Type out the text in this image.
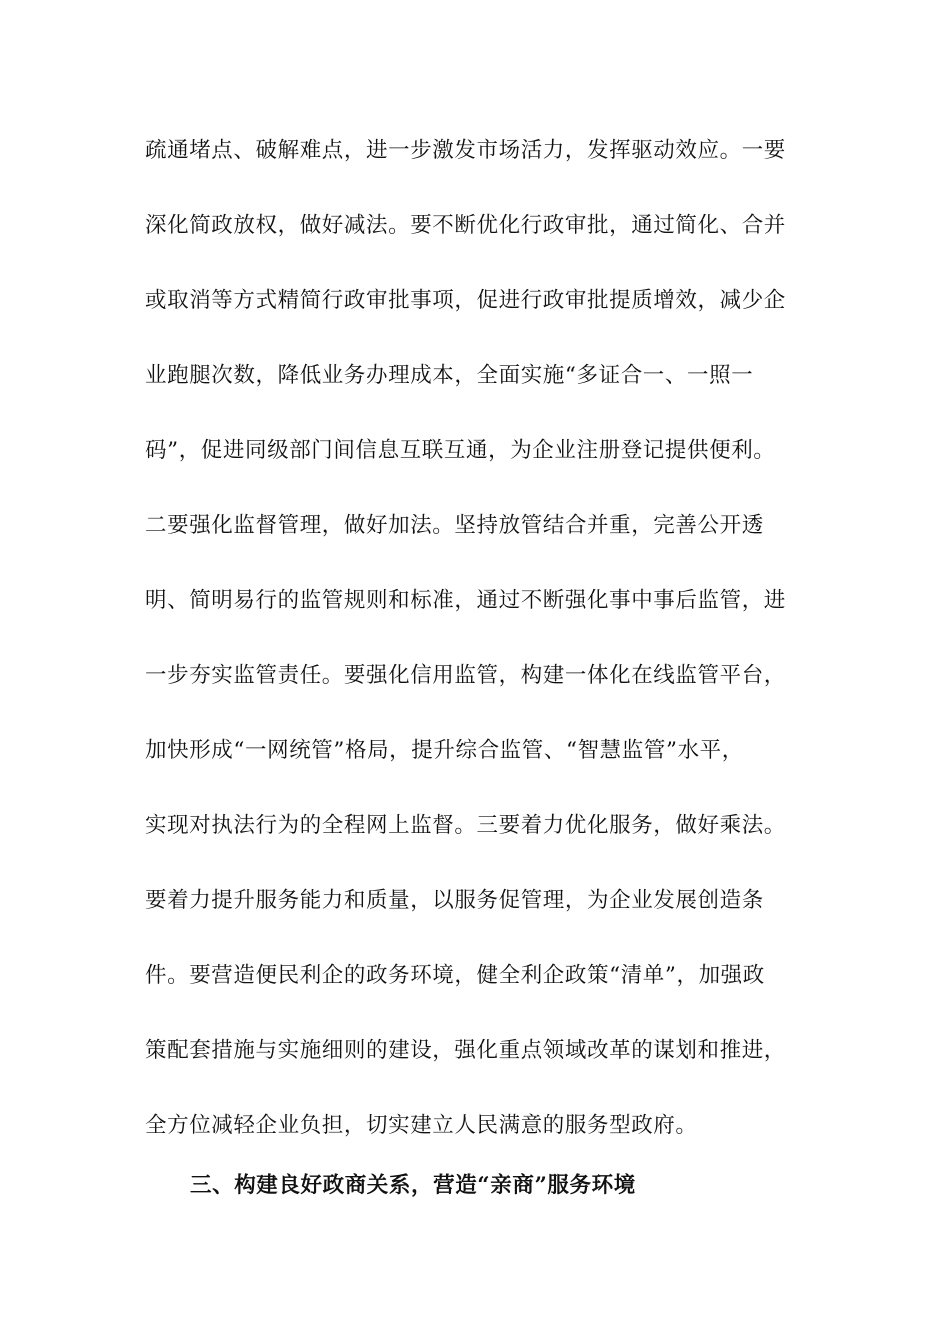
疏通堵点、破解难点，进一步激发市场活力，发挥驱动效应。一要
深化简政放权，做好减法。要不断优化行政审批，通过简化、合并
或取消等方式精简行政审批事项，促进行政审批提质增效，减少企
业跑腿次数，降低业务办理成本，全面实施“多证合一、一照一
码”，促进同级部门间信息互联互通，为企业注册登记提供便利。
二要强化监督管理，做好加法。坚持放管结合并重，完善公开透
明、简明易行的监管规则和标准，通过不断强化事中事后监管，进
一步夯实监管责任。要强化信用监管，构建一体化在线监管平台，
加快形成“一网统管”格局，提升综合监管、“智慧监管”水平，
实现对执法行为的全程网上监督。三要着力优化服务，做好乘法。
要着力提升服务能力和质量，以服务促管理，为企业发展创造条
件。要营造便民利企的政务环境，健全利企政策“清单”，加强政
策配套措施与实施细则的建设，强化重点领域改革的谋划和推进，
全方位减轻企业负担，切实建立人民满意的服务型政府。
三、构建良好政商关系，营造“亲商”服务环境
